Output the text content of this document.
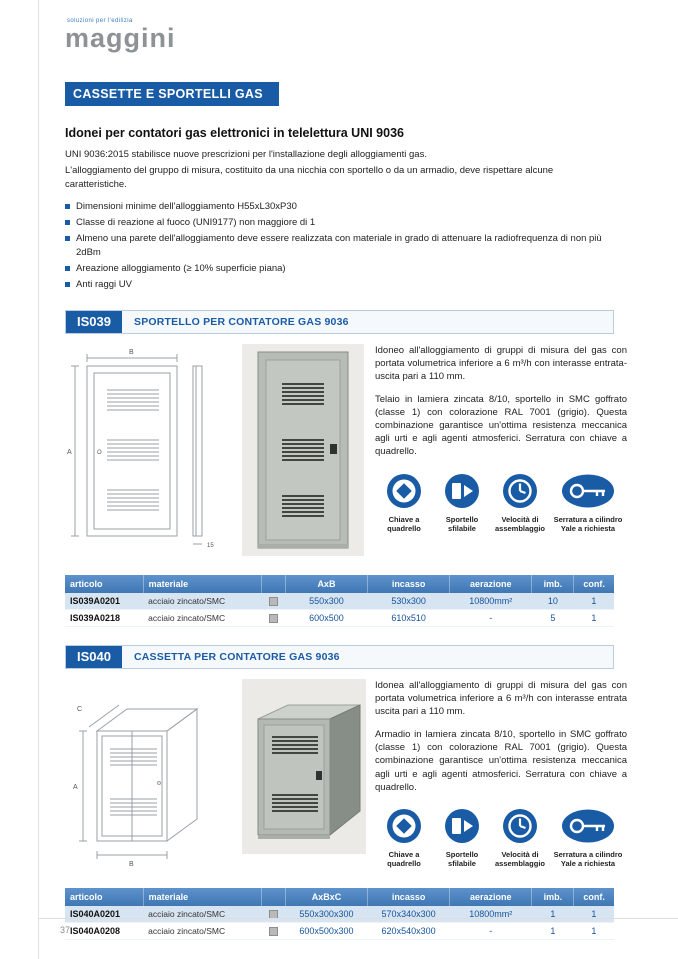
soluzioni per l'edilizia
maggini
CASSETTE E SPORTELLI GAS
Idonei per contatori gas elettronici in telelettura UNI 9036

UNI 9036:2015 stabilisce nuove prescrizioni per l'installazione degli alloggiamenti gas.

L'alloggiamento del gruppo di misura, costituito da una nicchia con sportello o da un armadio, deve rispettare alcune caratteristiche.

Dimensioni minime dell'alloggiamento H55xL30xP30
Classe di reazione al fuoco (UNI9177) non maggiore di 1
Almeno una parete dell'alloggiamento deve essere realizzata con materiale in grado di attenuare la radiofrequenza di non più 2dBm
Areazione alloggiamento (≥ 10% superficie piana)
Anti raggi UV
IS039	SPORTELLO PER CONTATORE GAS 9036
B
A	O
15

Idoneo all'alloggiamento di gruppi di misura del gas con portata volumetrica inferiore a 6 m³/h con interasse entrata-uscita pari a 110 mm.

Telaio in lamiera zincata 8/10, sportello in SMC goffrato (classe 1) con colorazione RAL 7001 (grigio). Questa combinazione garantisce un'ottima resistenza meccanica agli urti e agli agenti atmosferici. Serratura con chiave a quadrello.

Chiave a quadrello
Sportello sfilabile
Velocità di assemblaggio
Serratura a cilindro Yale a richiesta
articolo	materiale		AxB	incasso	aerazione	imb.	conf.
IS039A0201	acciaio zincato/SMC		550x300	530x300	10800mm²	10	1
IS039A0218	acciaio zincato/SMC		600x500	610x510	-	5	1
IS040	CASSETTA PER CONTATORE GAS 9036
C
A
B

Idonea all'alloggiamento di gruppi di misura del gas con portata volumetrica inferiore a 6 m³/h con interasse entrata uscita pari a 110 mm.

Armadio in lamiera zincata 8/10, sportello in SMC goffrato (classe 1) con colorazione RAL 7001 (grigio). Questa combinazione garantisce un'ottima resistenza meccanica agli urti e agli agenti atmosferici. Serratura con chiave a quadrello.

Chiave a quadrello
Sportello sfilabile
Velocità di assemblaggio
Serratura a cilindro Yale a richiesta
articolo	materiale		AxBxC	incasso	aerazione	imb.	conf.
IS040A0201	acciaio zincato/SMC		550x300x300	570x340x300	10800mm²	1	1
IS040A0208	acciaio zincato/SMC		600x500x300	620x540x300	-	1	1
37
